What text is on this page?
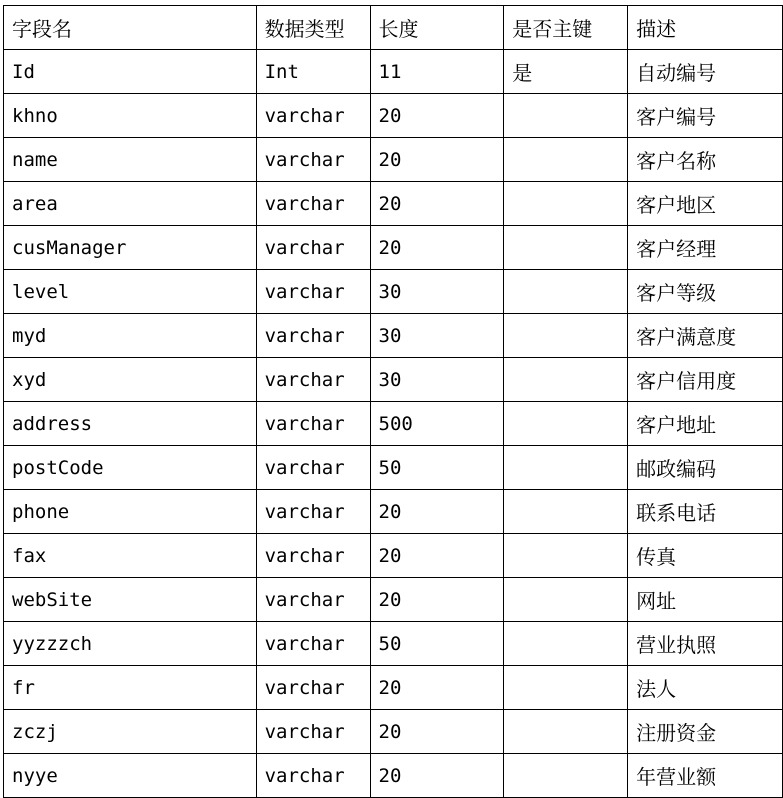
字段名	数据类型	长度	是否主键	描述
Id	Int	11	是	自动编号
khno	varchar	20		客户编号
name	varchar	20		客户名称
area	varchar	20		客户地区
cusManager	varchar	20		客户经理
level	varchar	30		客户等级
myd	varchar	30		客户满意度
xyd	varchar	30		客户信用度
address	varchar	500		客户地址
postCode	varchar	50		邮政编码
phone	varchar	20		联系电话
fax	varchar	20		传真
webSite	varchar	20		网址
yyzzzch	varchar	50		营业执照
fr	varchar	20		法人
zczj	varchar	20		注册资金
nyye	varchar	20		年营业额
